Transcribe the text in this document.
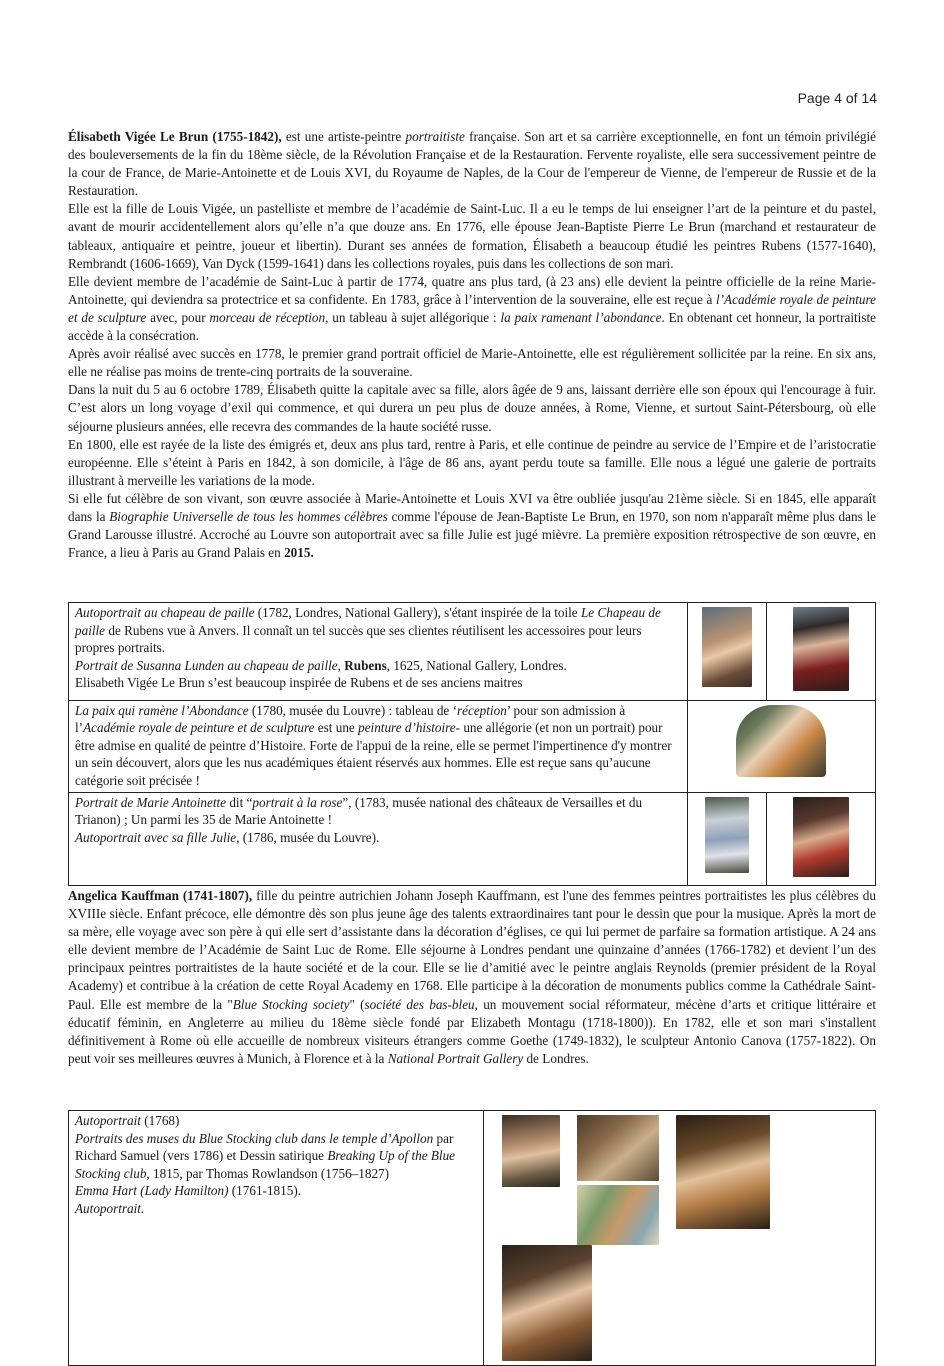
Page 4 of 14

Élisabeth Vigée Le Brun (1755-1842), est une artiste-peintre portraitiste française. Son art et sa carrière exceptionnelle, en font un témoin privilégié des bouleversements de la fin du 18ème siècle, de la Révolution Française et de la Restauration. Fervente royaliste, elle sera successivement peintre de la cour de France, de Marie-Antoinette et de Louis XVI, du Royaume de Naples, de la Cour de l'empereur de Vienne, de l'empereur de Russie et de la Restauration.

Elle est la fille de Louis Vigée, un pastelliste et membre de l’académie de Saint-Luc. Il a eu le temps de lui enseigner l’art de la peinture et du pastel, avant de mourir accidentellement alors qu’elle n’a que douze ans. En 1776, elle épouse Jean-Baptiste Pierre Le Brun (marchand et restaurateur de tableaux, antiquaire et peintre, joueur et libertin). Durant ses années de formation, Élisabeth a beaucoup étudié les peintres Rubens (1577-1640), Rembrandt (1606-1669), Van Dyck (1599-1641) dans les collections royales, puis dans les collections de son mari.

Elle devient membre de l’académie de Saint-Luc à partir de 1774, quatre ans plus tard, (à 23 ans) elle devient la peintre officielle de la reine Marie-Antoinette, qui deviendra sa protectrice et sa confidente. En 1783, grâce à l’intervention de la souveraine, elle est reçue à l’Académie royale de peinture et de sculpture avec, pour morceau de réception, un tableau à sujet allégorique : la paix ramenant l’abondance. En obtenant cet honneur, la portraitiste accède à la consécration.

Après avoir réalisé avec succès en 1778, le premier grand portrait officiel de Marie-Antoinette, elle est régulièrement sollicitée par la reine. En six ans, elle ne réalise pas moins de trente-cinq portraits de la souveraine.

Dans la nuit du 5 au 6 octobre 1789, Élisabeth quitte la capitale avec sa fille, alors âgée de 9 ans, laissant derrière elle son époux qui l'encourage à fuir. C’est alors un long voyage d’exil qui commence, et qui durera un peu plus de douze années, à Rome, Vienne, et surtout Saint-Pétersbourg, où elle séjourne plusieurs années, elle recevra des commandes de la haute société russe.

En 1800, elle est rayée de la liste des émigrés et, deux ans plus tard, rentre à Paris, et elle continue de peindre au service de l’Empire et de l’aristocratie européenne. Elle s’éteint à Paris en 1842, à son domicile, à l'âge de 86 ans, ayant perdu toute sa famille. Elle nous a légué une galerie de portraits illustrant à merveille les variations de la mode.

Si elle fut célèbre de son vivant, son œuvre associée à Marie-Antoinette et Louis XVI va être oubliée jusqu'au 21ème siècle. Si en 1845, elle apparaît dans la Biographie Universelle de tous les hommes célèbres comme l'épouse de Jean-Baptiste Le Brun, en 1970, son nom n'apparaît même plus dans le Grand Larousse illustré. Accroché au Louvre son autoportrait avec sa fille Julie est jugé mièvre. La première exposition rétrospective de son œuvre, en France, a lieu à Paris au Grand Palais en 2015.

Autoportrait au chapeau de paille (1782, Londres, National Gallery), s'étant inspirée de la toile Le Chapeau de paille de Rubens vue à Anvers. Il connaît un tel succès que ses clientes réutilisent les accessoires pour leurs propres portraits.
Portrait de Susanna Lunden au chapeau de paille, Rubens, 1625, National Gallery, Londres.
Elisabeth Vigée Le Brun s’est beaucoup inspirée de Rubens et de ses anciens maitres		

La paix qui ramène l’Abondance (1780, musée du Louvre) : tableau de ‘réception’ pour son admission à l’Académie royale de peinture et de sculpture est une peinture d’histoire- une allégorie (et non un portrait) pour être admise en qualité de peintre d’Histoire. Forte de l'appui de la reine, elle se permet l'impertinence d'y montrer un sein découvert, alors que les nus académiques étaient réservés aux hommes. Elle est reçue sans qu’aucune catégorie soit précisée !		

Portrait de Marie Antoinette dit “portrait à la rose”, (1783, musée national des châteaux de Versailles et du Trianon) ; Un parmi les 35 de Marie Antoinette !
Autoportrait avec sa fille Julie, (1786, musée du Louvre).		

Angelica Kauffman (1741-1807), fille du peintre autrichien Johann Joseph Kauffmann, est l'une des femmes peintres portraitistes les plus célèbres du XVIIIe siècle. Enfant précoce, elle démontre dès son plus jeune âge des talents extraordinaires tant pour le dessin que pour la musique. Après la mort de sa mère, elle voyage avec son père à qui elle sert d’assistante dans la décoration d’églises, ce qui lui permet de parfaire sa formation artistique. A 24 ans elle devient membre de l’Académie de Saint Luc de Rome. Elle séjourne à Londres pendant une quinzaine d’années (1766-1782) et devient l’un des principaux peintres portraitistes de la haute société et de la cour. Elle se lie d’amitié avec le peintre anglais Reynolds (premier président de la Royal Academy) et contribue à la création de cette Royal Academy en 1768. Elle participe à la décoration de monuments publics comme la Cathédrale Saint-Paul. Elle est membre de la "Blue Stocking society" (société des bas-bleu, un mouvement social réformateur, mécène d’arts et critique littéraire et éducatif féminin, en Angleterre au milieu du 18ème siècle fondé par Elizabeth Montagu (1718-1800)). En 1782, elle et son mari s'installent définitivement à Rome où elle accueille de nombreux visiteurs étrangers comme Goethe (1749-1832), le sculpteur Antonio Canova (1757-1822). On peut voir ses meilleures œuvres à Munich, à Florence et à la National Portrait Gallery de Londres.

Autoportrait (1768)
Portraits des muses du Blue Stocking club dans le temple d’Apollon par Richard Samuel (vers 1786) et Dessin satirique Breaking Up of the Blue Stocking club, 1815, par Thomas Rowlandson (1756–1827)
Emma Hart (Lady Hamilton) (1761-1815).
Autoportrait.
